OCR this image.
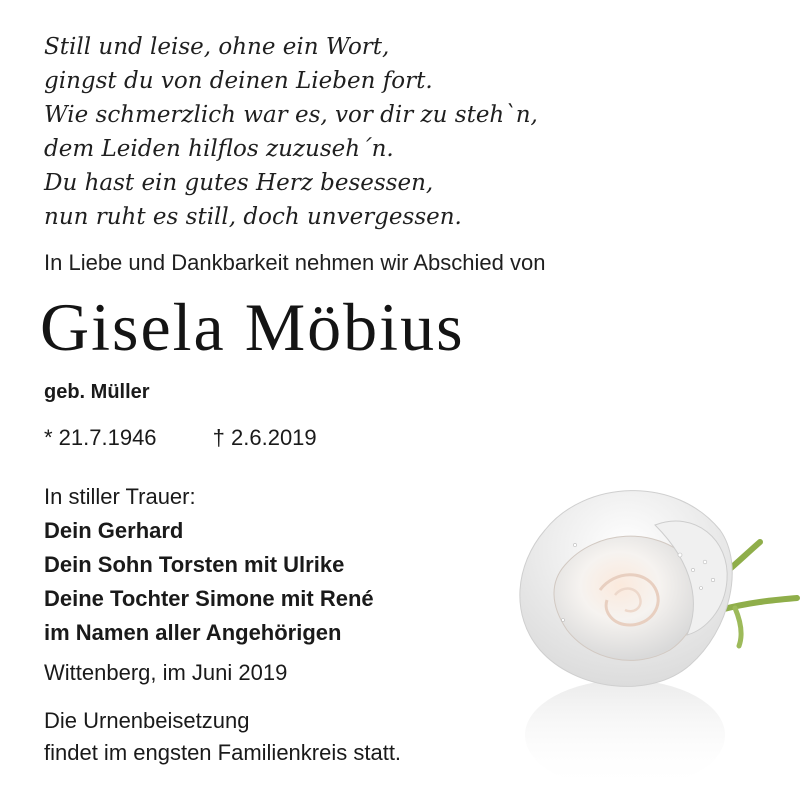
Still und leise, ohne ein Wort,
gingst du von deinen Lieben fort.
Wie schmerzlich war es, vor dir zu steh`n,
dem Leiden hilflos zuzuseh´n.
Du hast ein gutes Herz besessen,
nun ruht es still, doch unvergessen.
In Liebe und Dankbarkeit nehmen wir Abschied von
Gisela Möbius
geb. Müller
* 21.7.1946	† 2.6.2019
In stiller Trauer:
Dein Gerhard
Dein Sohn Torsten mit Ulrike
Deine Tochter Simone mit René
im Namen aller Angehörigen
Wittenberg, im Juni 2019
Die Urnenbeisetzung
findet im engsten Familienkreis statt.
